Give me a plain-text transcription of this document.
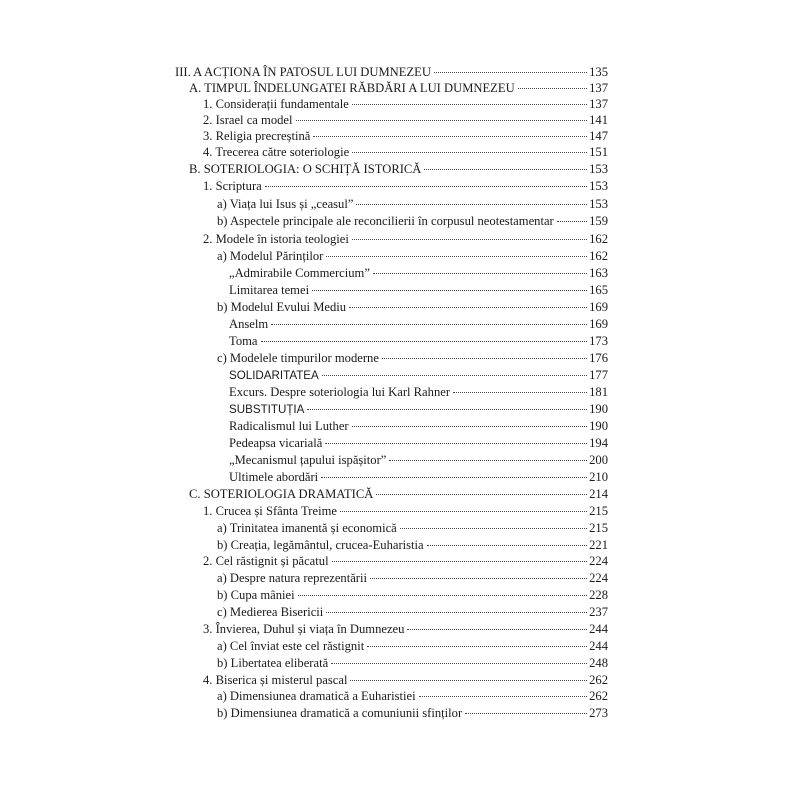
III. A ACȚIONA ÎN PATOSUL LUI DUMNEZEU	135
A. TIMPUL ÎNDELUNGATEI RĂBDĂRI A LUI DUMNEZEU	137
1. Considerații fundamentale	137
2. Israel ca model	141
3. Religia precreștină	147
4. Trecerea către soteriologie	151
B. SOTERIOLOGIA: O SCHIȚĂ ISTORICĂ	153
1. Scriptura	153
a) Viața lui Isus și „ceasul”	153
b) Aspectele principale ale reconcilierii în corpusul neotestamentar	159
2. Modele în istoria teologiei	162
a) Modelul Părinților	162
„Admirabile Commercium”	163
Limitarea temei	165
b) Modelul Evului Mediu	169
Anselm	169
Toma	173
c) Modelele timpurilor moderne	176
SOLIDARITATEA	177
Excurs. Despre soteriologia lui Karl Rahner	181
SUBSTITUȚIA	190
Radicalismul lui Luther	190
Pedeapsa vicarială	194
„Mecanismul țapului ispășitor”	200
Ultimele abordări	210
C. SOTERIOLOGIA DRAMATICĂ	214
1. Crucea și Sfânta Treime	215
a) Trinitatea imanentă și economică	215
b) Creația, legământul, crucea-Euharistia	221
2. Cel răstignit și păcatul	224
a) Despre natura reprezentării	224
b) Cupa mâniei	228
c) Medierea Bisericii	237
3. Învierea, Duhul și viața în Dumnezeu	244
a) Cel înviat este cel răstignit	244
b) Libertatea eliberată	248
4. Biserica și misterul pascal	262
a) Dimensiunea dramatică a Euharistiei	262
b) Dimensiunea dramatică a comuniunii sfinților	273
